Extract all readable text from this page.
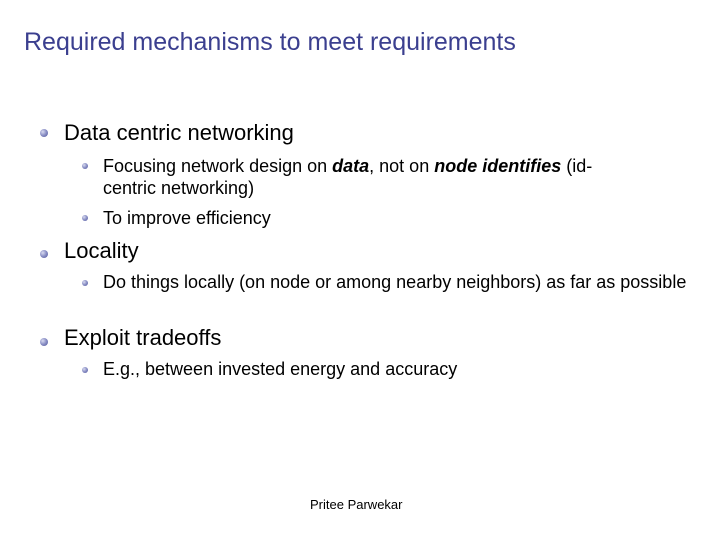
Required mechanisms to meet requirements
Data centric networking
Focusing network design on data, not on node identifies (id-centric networking)
To improve efficiency
Locality
Do things locally (on node or among nearby neighbors) as far as possible
Exploit tradeoffs
E.g., between invested energy and accuracy
Pritee Parwekar
